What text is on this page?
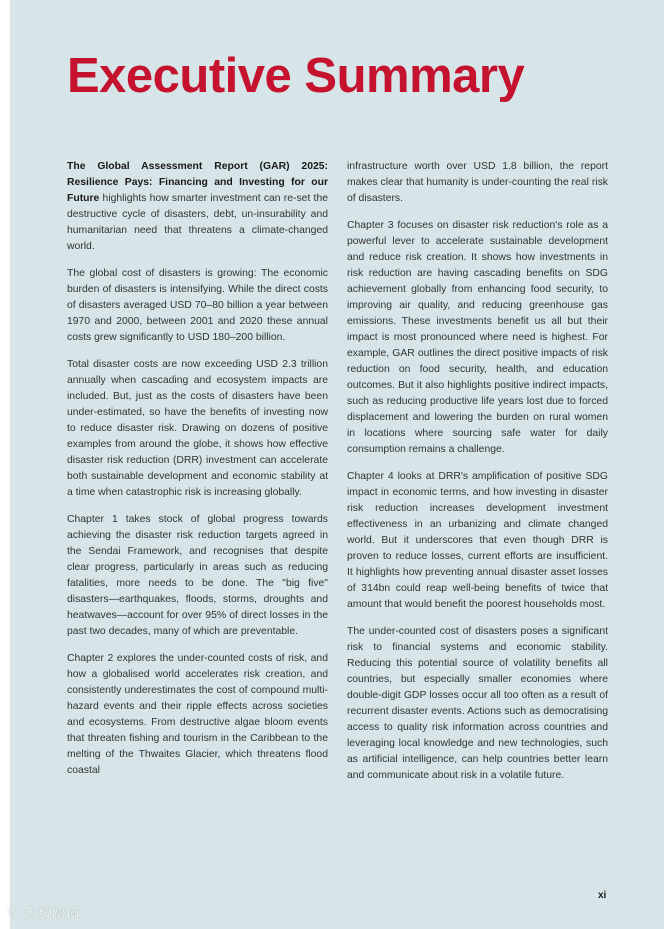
Executive Summary

The Global Assessment Report (GAR) 2025: Resilience Pays: Financing and Investing for our Future highlights how smarter investment can re-set the destructive cycle of disasters, debt, un-insurability and humanitarian need that threatens a climate-changed world.

The global cost of disasters is growing: The economic burden of disasters is intensifying. While the direct costs of disasters averaged USD 70–80 billion a year between 1970 and 2000, between 2001 and 2020 these annual costs grew significantly to USD 180–200 billion.

Total disaster costs are now exceeding USD 2.3 trillion annually when cascading and ecosystem impacts are included. But, just as the costs of disasters have been under-estimated, so have the benefits of investing now to reduce disaster risk. Drawing on dozens of positive examples from around the globe, it shows how effective disaster risk reduction (DRR) investment can accelerate both sustainable development and economic stability at a time when catastrophic risk is increasing globally.

Chapter 1 takes stock of global progress towards achieving the disaster risk reduction targets agreed in the Sendai Framework, and recognises that despite clear progress, particularly in areas such as reducing fatalities, more needs to be done. The "big five" disasters—earthquakes, floods, storms, droughts and heatwaves—account for over 95% of direct losses in the past two decades, many of which are preventable.

Chapter 2 explores the under-counted costs of risk, and how a globalised world accelerates risk creation, and consistently underestimates the cost of compound multi-hazard events and their ripple effects across societies and ecosystems. From destructive algae bloom events that threaten fishing and tourism in the Caribbean to the melting of the Thwaites Glacier, which threatens flood coastal

infrastructure worth over USD 1.8 billion, the report makes clear that humanity is under-counting the real risk of disasters.

Chapter 3 focuses on disaster risk reduction's role as a powerful lever to accelerate sustainable development and reduce risk creation. It shows how investments in risk reduction are having cascading benefits on SDG achievement globally from enhancing food security, to improving air quality, and reducing greenhouse gas emissions. These investments benefit us all but their impact is most pronounced where need is highest. For example, GAR outlines the direct positive impacts of risk reduction on food security, health, and education outcomes. But it also highlights positive indirect impacts, such as reducing productive life years lost due to forced displacement and lowering the burden on rural women in locations where sourcing safe water for daily consumption remains a challenge.

Chapter 4 looks at DRR's amplification of positive SDG impact in economic terms, and how investing in disaster risk reduction increases development investment effectiveness in an urbanizing and climate changed world. But it underscores that even though DRR is proven to reduce losses, current efforts are insufficient. It highlights how preventing annual disaster asset losses of 314bn could reap well-being benefits of twice that amount that would benefit the poorest households most.

The under-counted cost of disasters poses a significant risk to financial systems and economic stability. Reducing this potential source of volatility benefits all countries, but especially smaller economies where double-digit GDP losses occur all too often as a result of recurrent disaster events. Actions such as democratising access to quality risk information across countries and leveraging local knowledge and new technologies, such as artificial intelligence, can help countries better learn and communicate about risk in a volatile future.

xi
™ 大数跨境
